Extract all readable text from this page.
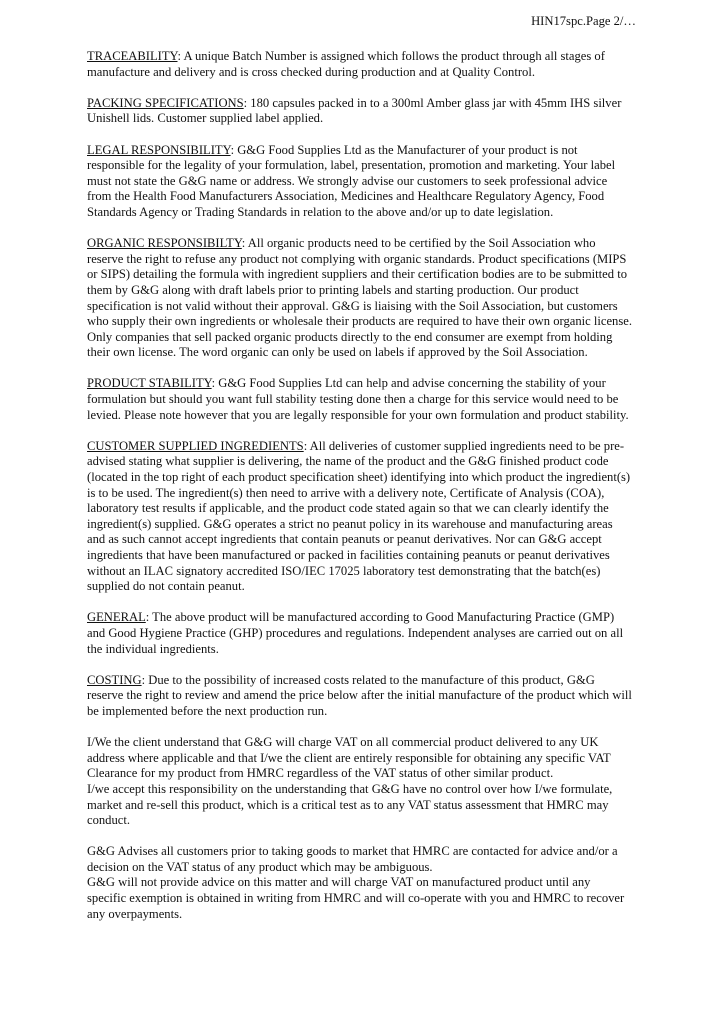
HIN17spc.Page 2/…

TRACEABILITY: A unique Batch Number is assigned which follows the product through all stages of manufacture and delivery and is cross checked during production and at Quality Control.

PACKING SPECIFICATIONS: 180 capsules packed in to a 300ml Amber glass jar with 45mm IHS silver Unishell lids. Customer supplied label applied.

LEGAL RESPONSIBILITY: G&G Food Supplies Ltd as the Manufacturer of your product is not responsible for the legality of your formulation, label, presentation, promotion and marketing. Your label must not state the G&G name or address. We strongly advise our customers to seek professional advice from the Health Food Manufacturers Association, Medicines and Healthcare Regulatory Agency, Food Standards Agency or Trading Standards in relation to the above and/or up to date legislation.

ORGANIC RESPONSIBILTY: All organic products need to be certified by the Soil Association who reserve the right to refuse any product not complying with organic standards. Product specifications (MIPS or SIPS) detailing the formula with ingredient suppliers and their certification bodies are to be submitted to them by G&G along with draft labels prior to printing labels and starting production. Our product specification is not valid without their approval. G&G is liaising with the Soil Association, but customers who supply their own ingredients or wholesale their products are required to have their own organic license. Only companies that sell packed organic products directly to the end consumer are exempt from holding their own license. The word organic can only be used on labels if approved by the Soil Association.

PRODUCT STABILITY: G&G Food Supplies Ltd can help and advise concerning the stability of your formulation but should you want full stability testing done then a charge for this service would need to be levied. Please note however that you are legally responsible for your own formulation and product stability.

CUSTOMER SUPPLIED INGREDIENTS: All deliveries of customer supplied ingredients need to be pre-advised stating what supplier is delivering, the name of the product and the G&G finished product code (located in the top right of each product specification sheet) identifying into which product the ingredient(s) is to be used. The ingredient(s) then need to arrive with a delivery note, Certificate of Analysis (COA), laboratory test results if applicable, and the product code stated again so that we can clearly identify the ingredient(s) supplied. G&G operates a strict no peanut policy in its warehouse and manufacturing areas and as such cannot accept ingredients that contain peanuts or peanut derivatives. Nor can G&G accept ingredients that have been manufactured or packed in facilities containing peanuts or peanut derivatives without an ILAC signatory accredited ISO/IEC 17025 laboratory test demonstrating that the batch(es) supplied do not contain peanut.

GENERAL: The above product will be manufactured according to Good Manufacturing Practice (GMP) and Good Hygiene Practice (GHP) procedures and regulations. Independent analyses are carried out on all the individual ingredients.

COSTING: Due to the possibility of increased costs related to the manufacture of this product, G&G reserve the right to review and amend the price below after the initial manufacture of the product which will be implemented before the next production run.

I/We the client understand that G&G will charge VAT on all commercial product delivered to any UK address where applicable and that I/we the client are entirely responsible for obtaining any specific VAT Clearance for my product from HMRC regardless of the VAT status of other similar product.

I/we accept this responsibility on the understanding that G&G have no control over how I/we formulate, market and re-sell this product, which is a critical test as to any VAT status assessment that HMRC may conduct.

G&G Advises all customers prior to taking goods to market that HMRC are contacted for advice and/or a decision on the VAT status of any product which may be ambiguous.

G&G will not provide advice on this matter and will charge VAT on manufactured product until any specific exemption is obtained in writing from HMRC and will co-operate with you and HMRC to recover any overpayments.
